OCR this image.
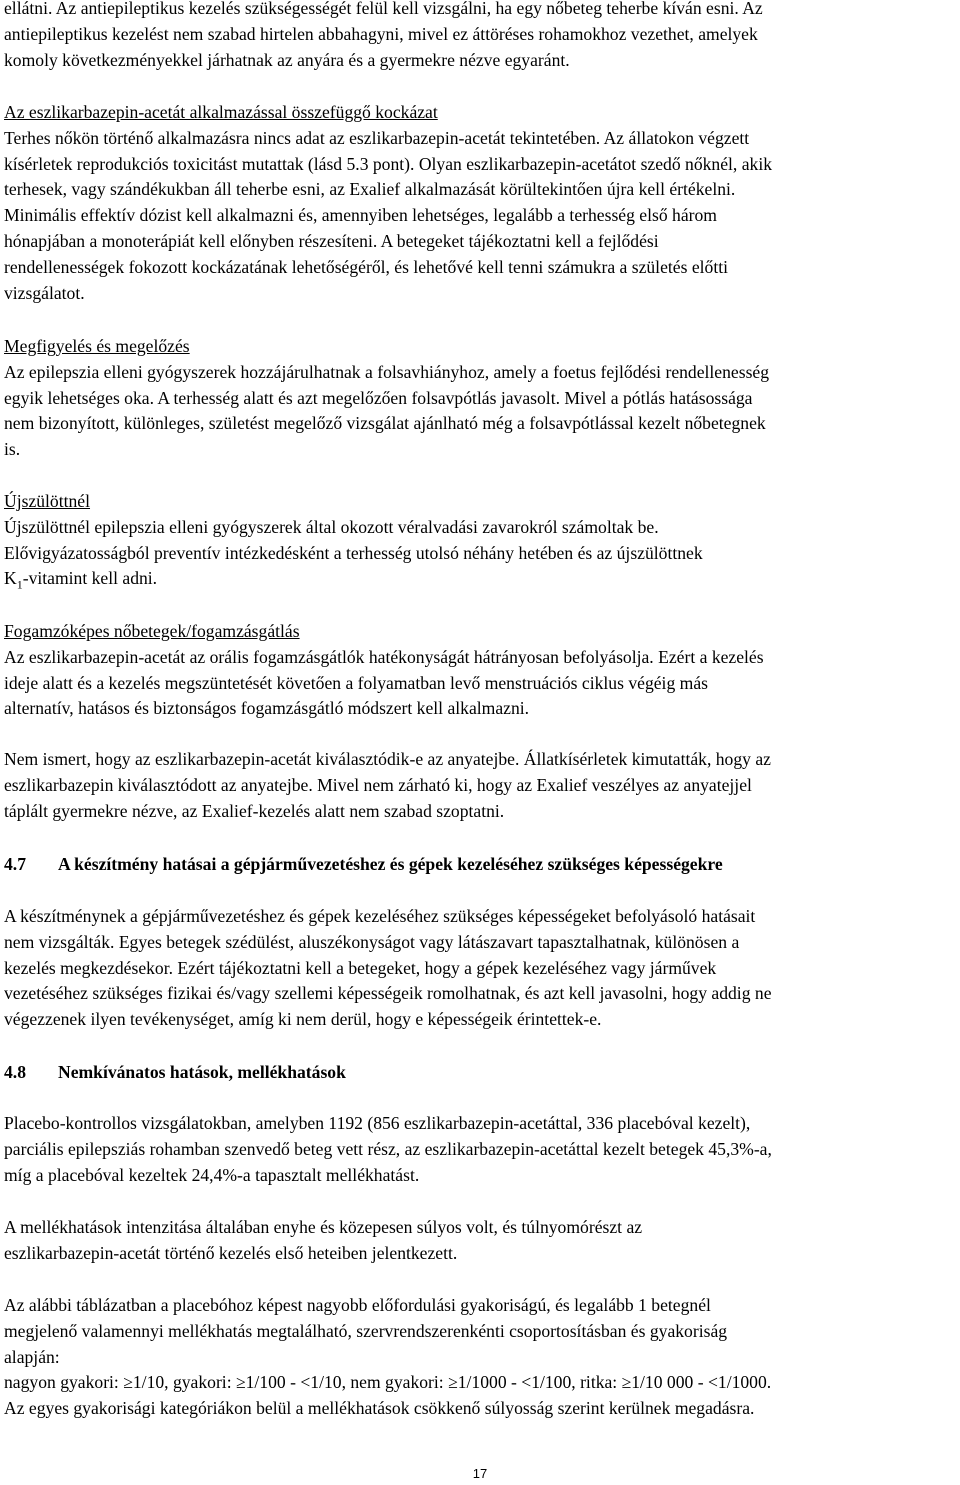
ellátni. Az antiepileptikus kezelés szükségességét felül kell vizsgálni, ha egy nőbeteg teherbe kíván esni. Az

antiepileptikus kezelést nem szabad hirtelen abbahagyni, mivel ez áttöréses rohamokhoz vezethet, amelyek

komoly következményekkel járhatnak az anyára és a gyermekre nézve egyaránt.

Az eszlikarbazepin-acetát alkalmazással összefüggő kockázat

Terhes nőkön történő alkalmazásra nincs adat az eszlikarbazepin-acetát tekintetében. Az állatokon végzett

kísérletek reprodukciós toxicitást mutattak (lásd 5.3 pont). Olyan eszlikarbazepin-acetátot szedő nőknél, akik

terhesek, vagy szándékukban áll teherbe esni, az Exalief alkalmazását körültekintően újra kell értékelni.

Minimális effektív dózist kell alkalmazni és, amennyiben lehetséges, legalább a terhesség első három

hónapjában a monoterápiát kell előnyben részesíteni. A betegeket tájékoztatni kell a fejlődési

rendellenességek fokozott kockázatának lehetőségéről, és lehetővé kell tenni számukra a születés előtti

vizsgálatot.

Megfigyelés és megelőzés

Az epilepszia elleni gyógyszerek hozzájárulhatnak a folsavhiányhoz, amely a foetus fejlődési rendellenesség

egyik lehetséges oka. A terhesség alatt és azt megelőzően folsavpótlás javasolt. Mivel a pótlás hatásossága

nem bizonyított, különleges, születést megelőző vizsgálat ajánlható még a folsavpótlással kezelt nőbetegnek

is.

Újszülöttnél

Újszülöttnél epilepszia elleni gyógyszerek által okozott véralvadási zavarokról számoltak be.

Elővigyázatosságból preventív intézkedésként a terhesség utolsó néhány hetében és az újszülöttnek

$K_1$-vitamint kell adni.

Fogamzóképes nőbetegek/fogamzásgátlás

Az eszlikarbazepin-acetát az orális fogamzásgátlók hatékonyságát hátrányosan befolyásolja. Ezért a kezelés

ideje alatt és a kezelés megszüntetését követően a folyamatban levő menstruációs ciklus végéig más

alternatív, hatásos és biztonságos fogamzásgátló módszert kell alkalmazni.

Nem ismert, hogy az eszlikarbazepin-acetát kiválasztódik-e az anyatejbe. Állatkísérletek kimutatták, hogy az

eszlikarbazepin kiválasztódott az anyatejbe. Mivel nem zárható ki, hogy az Exalief veszélyes az anyatejjel

táplált gyermekre nézve, az Exalief-kezelés alatt nem szabad szoptatni.

4.7	A készítmény hatásai a gépjárművezetéshez és gépek kezeléséhez szükséges képességekre

A készítménynek a gépjárművezetéshez és gépek kezeléséhez szükséges képességeket befolyásoló hatásait

nem vizsgálták. Egyes betegek szédülést, aluszékonyságot vagy látászavart tapasztalhatnak, különösen a

kezelés megkezdésekor. Ezért tájékoztatni kell a betegeket, hogy a gépek kezeléséhez vagy járművek

vezetéséhez szükséges fizikai és/vagy szellemi képességeik romolhatnak, és azt kell javasolni, hogy addig ne

végezzenek ilyen tevékenységet, amíg ki nem derül, hogy e képességeik érintettek-e.

4.8	Nemkívánatos hatások, mellékhatások

Placebo-kontrollos vizsgálatokban, amelyben 1192 (856 eszlikarbazepin-acetáttal, 336 placebóval kezelt),

parciális epilepsziás rohamban szenvedő beteg vett rész, az eszlikarbazepin-acetáttal kezelt betegek 45,3%-a,

míg a placebóval kezeltek 24,4%-a tapasztalt mellékhatást.

A mellékhatások intenzitása általában enyhe és közepesen súlyos volt, és túlnyomórészt az

eszlikarbazepin-acetát történő kezelés első heteiben jelentkezett.

Az alábbi táblázatban a placebóhoz képest nagyobb előfordulási gyakoriságú, és legalább 1 betegnél

megjelenő valamennyi mellékhatás megtalálható, szervrendszerenkénti csoportosításban és gyakoriság

alapján:

nagyon gyakori: ≥1/10, gyakori: ≥1/100 - <1/10, nem gyakori: ≥1/1000 - <1/100, ritka: ≥1/10 000 - <1/1000.

Az egyes gyakorisági kategóriákon belül a mellékhatások csökkenő súlyosság szerint kerülnek megadásra.

17
